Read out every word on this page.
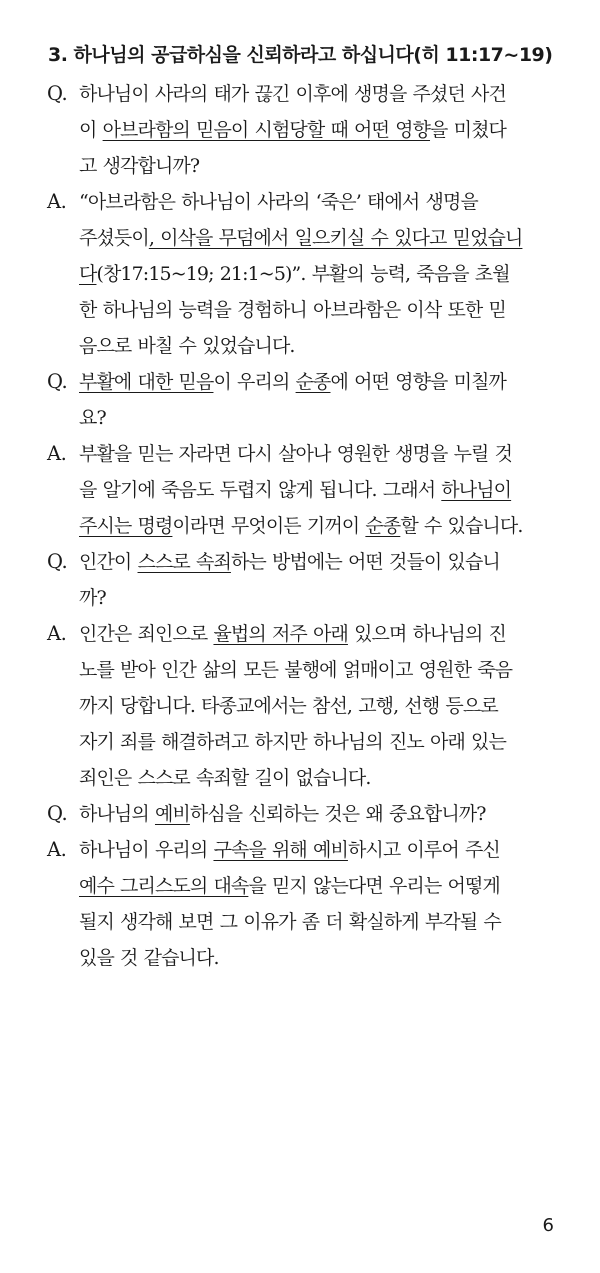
3. 하나님의 공급하심을 신뢰하라고 하십니다(히 11:17~19)
Q. 하나님이 사라의 태가 끊긴 이후에 생명을 주셨던 사건
이 아브라함의 믿음이 시험당할 때 어떤 영향을 미쳤다
고 생각합니까?
A. “아브라함은 하나님이 사라의 ‘죽은’ 태에서 생명을
주셨듯이, 이삭을 무덤에서 일으키실 수 있다고 믿었습니
다(창17:15~19; 21:1~5)”. 부활의 능력, 죽음을 초월
한 하나님의 능력을 경험하니 아브라함은 이삭 또한 믿
음으로 바칠 수 있었습니다.
Q. 부활에 대한 믿음이 우리의 순종에 어떤 영향을 미칠까
요?
A. 부활을 믿는 자라면 다시 살아나 영원한 생명을 누릴 것
을 알기에 죽음도 두렵지 않게 됩니다. 그래서 하나님이
주시는 명령이라면 무엇이든 기꺼이 순종할 수 있습니다.
Q. 인간이 스스로 속죄하는 방법에는 어떤 것들이 있습니
까?
A. 인간은 죄인으로 율법의 저주 아래 있으며 하나님의 진
노를 받아 인간 삶의 모든 불행에 얽매이고 영원한 죽음
까지 당합니다. 타종교에서는 참선, 고행, 선행 등으로
자기 죄를 해결하려고 하지만 하나님의 진노 아래 있는
죄인은 스스로 속죄할 길이 없습니다.
Q. 하나님의 예비하심을 신뢰하는 것은 왜 중요합니까?
A. 하나님이 우리의 구속을 위해 예비하시고 이루어 주신
예수 그리스도의 대속을 믿지 않는다면 우리는 어떻게
될지 생각해 보면 그 이유가 좀 더 확실하게 부각될 수
있을 것 같습니다.
6
